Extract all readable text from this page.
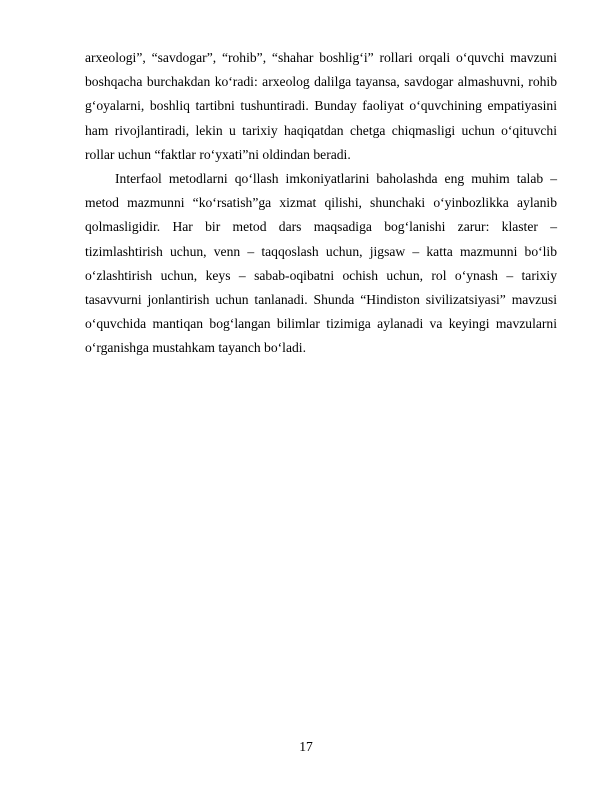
arxeologi”, “savdogar”, “rohib”, “shahar boshlig‘i” rollari orqali o‘quvchi mavzuni boshqacha burchakdan ko‘radi: arxeolog dalilga tayansa, savdogar almashuvni, rohib g‘oyalarni, boshliq tartibni tushuntiradi. Bunday faoliyat o‘quvchining empatiyasini ham rivojlantiradi, lekin u tarixiy haqiqatdan chetga chiqmasligi uchun o‘qituvchi rollar uchun “faktlar ro‘yxati”ni oldindan beradi.

Interfaol metodlarni qo‘llash imkoniyatlarini baholashda eng muhim talab – metod mazmunni “ko‘rsatish”ga xizmat qilishi, shunchaki o‘yinbozlikka aylanib qolmasligidir. Har bir metod dars maqsadiga bog‘lanishi zarur: klaster – tizimlashtirish uchun, venn – taqqoslash uchun, jigsaw – katta mazmunni bo‘lib o‘zlashtirish uchun, keys – sabab-oqibatni ochish uchun, rol o‘ynash – tarixiy tasavvurni jonlantirish uchun tanlanadi. Shunda “Hindiston sivilizatsiyasi” mavzusi o‘quvchida mantiqan bog‘langan bilimlar tizimiga aylanadi va keyingi mavzularni o‘rganishga mustahkam tayanch bo‘ladi.

17
